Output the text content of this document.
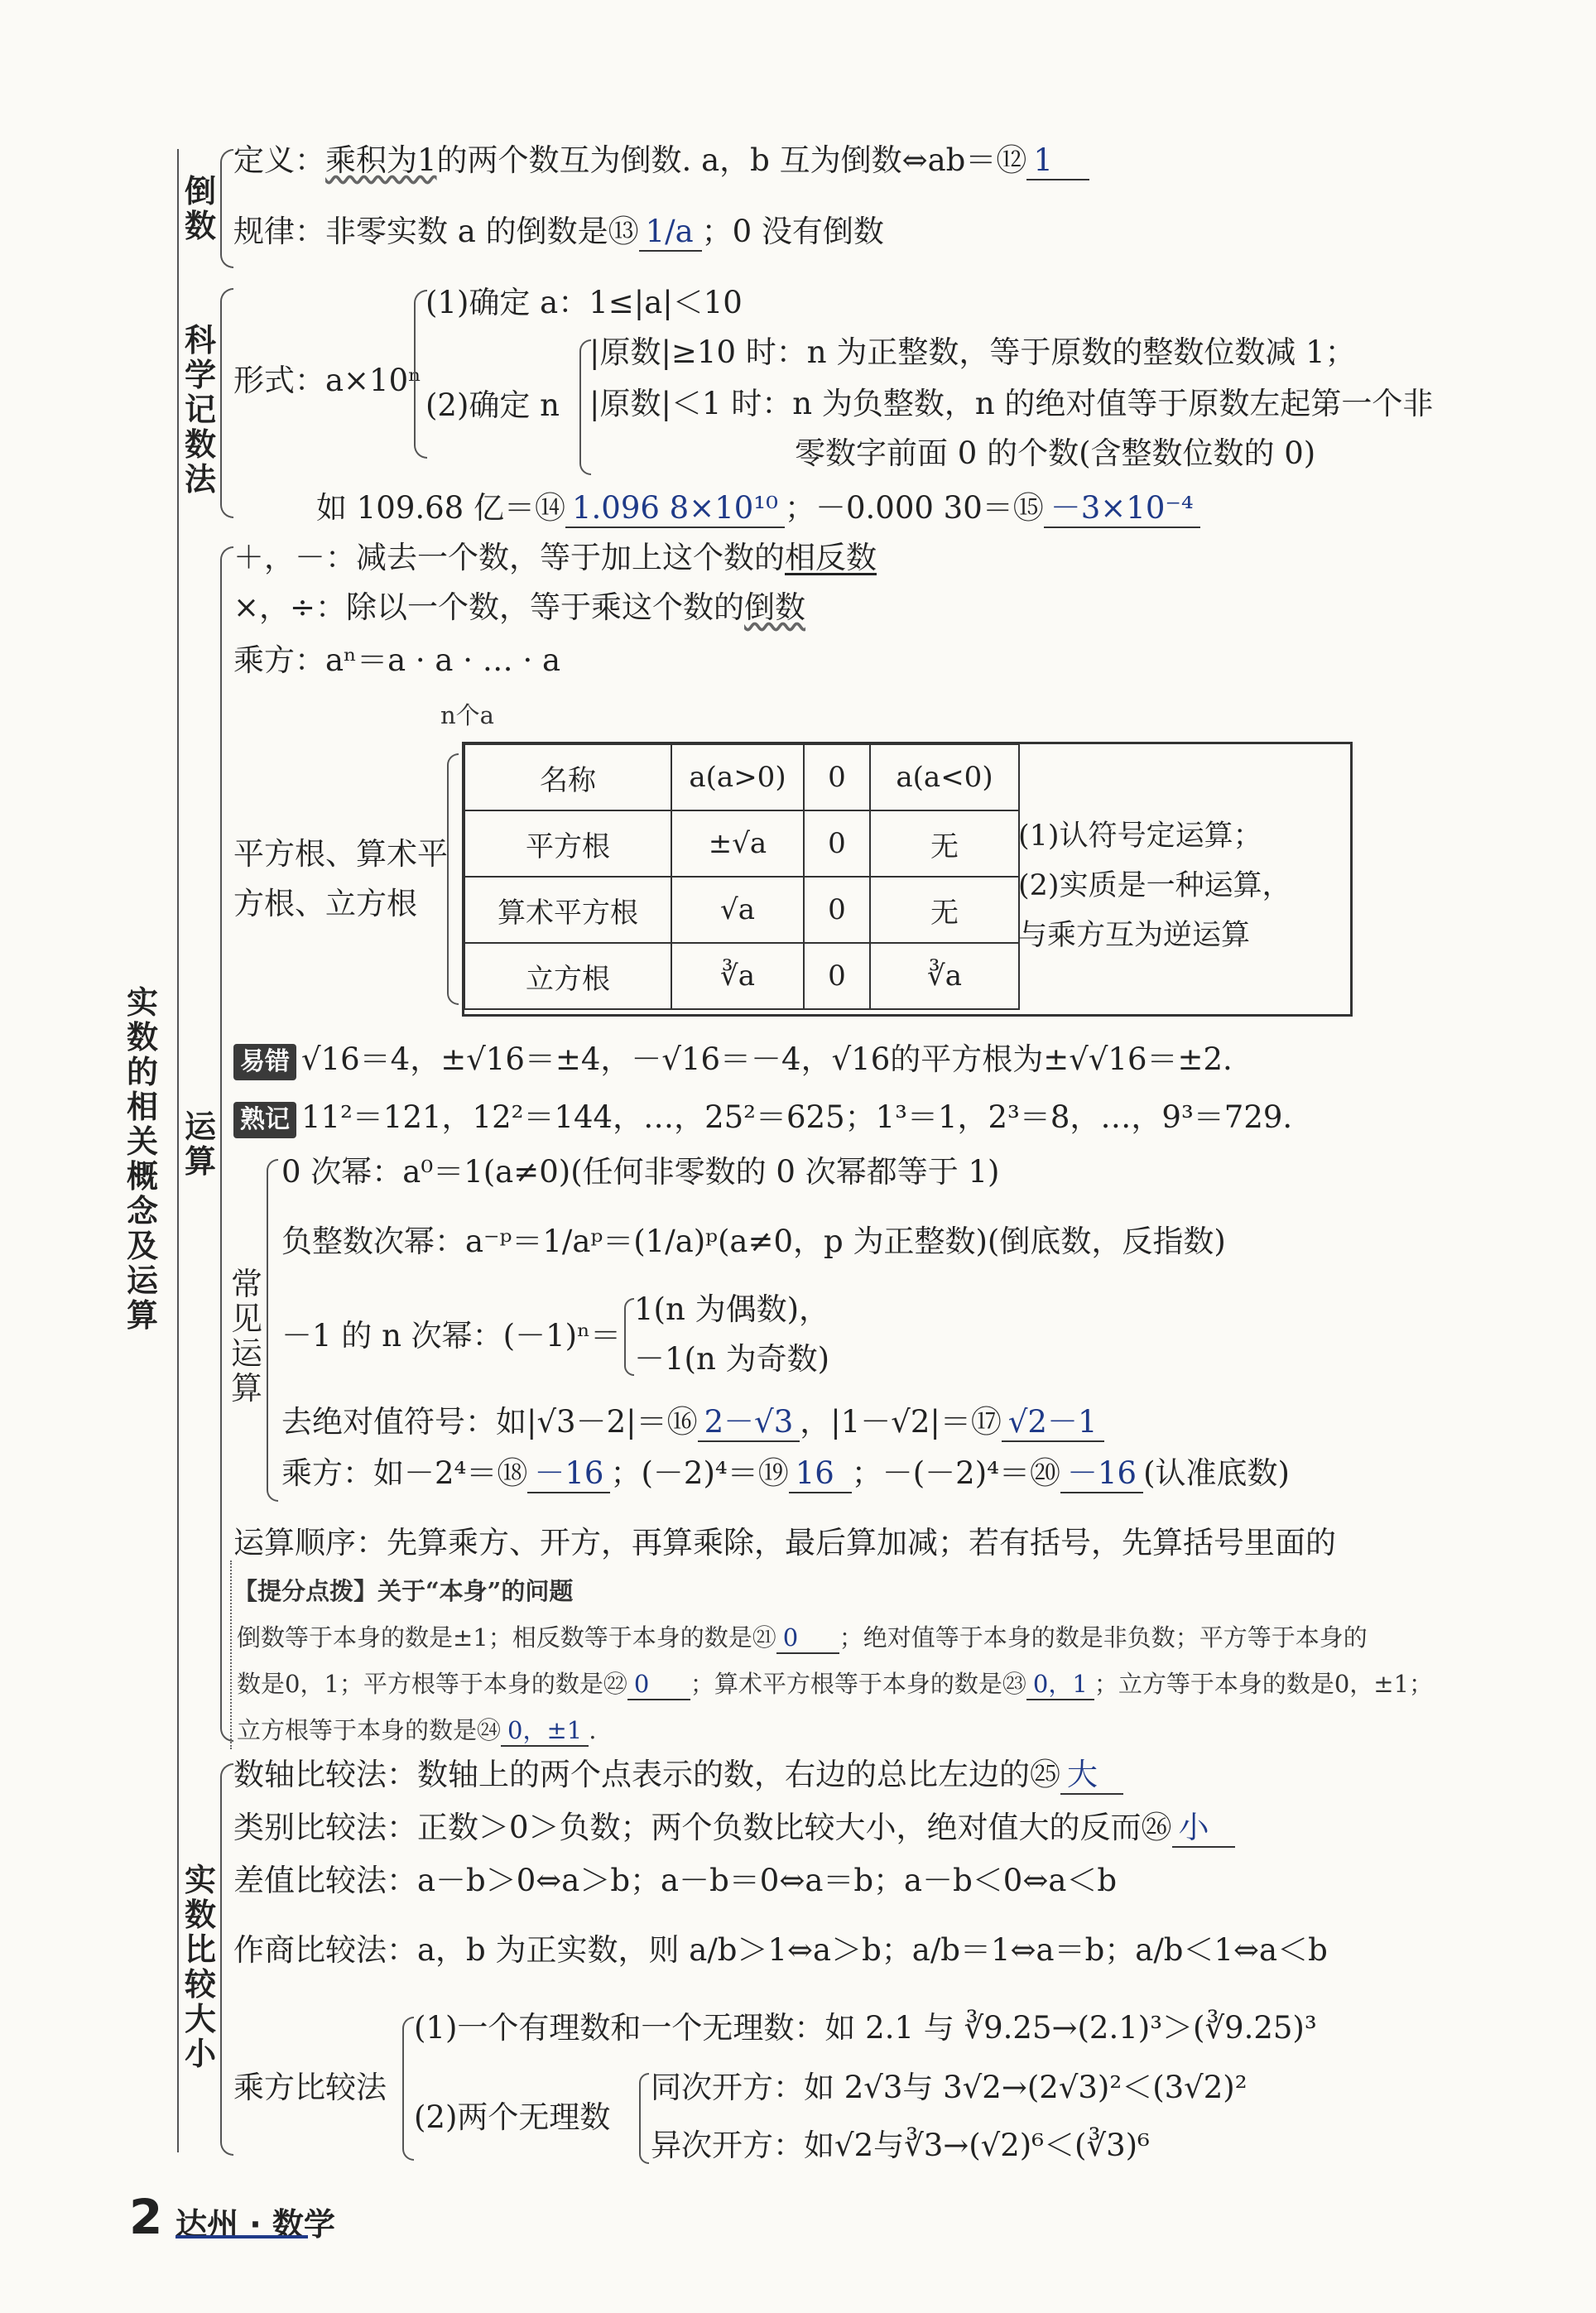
实数的相关概念及运算
倒数
定义：乘积为1的两个数互为倒数. a，b 互为倒数⇔ab＝⑫ 1
规律：非零实数 a 的倒数是⑬ 1/a ；0 没有倒数
科学记数法
形式：a×10ⁿ
(1)确定 a：1≤|a|＜10
(2)确定 n
|原数|≥10 时：n 为正整数，等于原数的整数位数减 1；
|原数|＜1 时：n 为负整数，n 的绝对值等于原数左起第一个非
零数字前面 0 的个数(含整数位数的 0)
如 109.68 亿＝⑭ 1.096 8×10¹⁰ ；－0.000 30＝⑮ －3×10⁻⁴
运算
＋，－：减去一个数，等于加上这个数的相反数
×，÷：除以一个数，等于乘这个数的倒数
乘方：aⁿ＝a · a · … · a
n个a
平方根、算术平
方根、立方根
名称	a(a>0)	0	a(a<0)
平方根	±√a	0	无
算术平方根	√a	0	无
立方根	∛a	0	∛a
(1)认符号定运算；
(2)实质是一种运算，
与乘方互为逆运算
易错 √16＝4，±√16＝±4，－√16＝－4，√16的平方根为±√√16＝±2.
熟记 11²＝121，12²＝144，…，25²＝625；1³＝1，2³＝8，…，9³＝729.
常见运算
0 次幂：a⁰＝1(a≠0)(任何非零数的 0 次幂都等于 1)
负整数次幂：a⁻ᵖ＝1/aᵖ＝(1/a)ᵖ(a≠0，p 为正整数)(倒底数，反指数)
－1 的 n 次幂：(－1)ⁿ＝
1(n 为偶数)，
－1(n 为奇数)
去绝对值符号：如|√3－2|＝⑯ 2－√3 ，|1－√2|＝⑰ √2－1
乘方：如－2⁴＝⑱ －16 ；(－2)⁴＝⑲ 16 ；－(－2)⁴＝⑳ －16 (认准底数)
运算顺序：先算乘方、开方，再算乘除，最后算加减；若有括号，先算括号里面的
【提分点拨】关于“本身”的问题
倒数等于本身的数是±1；相反数等于本身的数是㉑ 0 ；绝对值等于本身的数是非负数；平方等于本身的
数是0，1；平方根等于本身的数是㉒ 0 ；算术平方根等于本身的数是㉓ 0，1 ；立方等于本身的数是0，±1；
立方根等于本身的数是㉔ 0，±1 .
实数比较大小
数轴比较法：数轴上的两个点表示的数，右边的总比左边的㉕ 大
类别比较法：正数＞0＞负数；两个负数比较大小，绝对值大的反而㉖ 小
差值比较法：a－b＞0⇔a＞b；a－b＝0⇔a＝b；a－b＜0⇔a＜b
作商比较法：a，b 为正实数，则 a/b＞1⇔a＞b；a/b＝1⇔a＝b；a/b＜1⇔a＜b
乘方比较法
(1)一个有理数和一个无理数：如 2.1 与 ∛9.25→(2.1)³＞(∛9.25)³
(2)两个无理数
同次开方：如 2√3与 3√2→(2√3)²＜(3√2)²
异次开方：如√2与∛3→(√2)⁶＜(∛3)⁶
2 达州 · 数学
